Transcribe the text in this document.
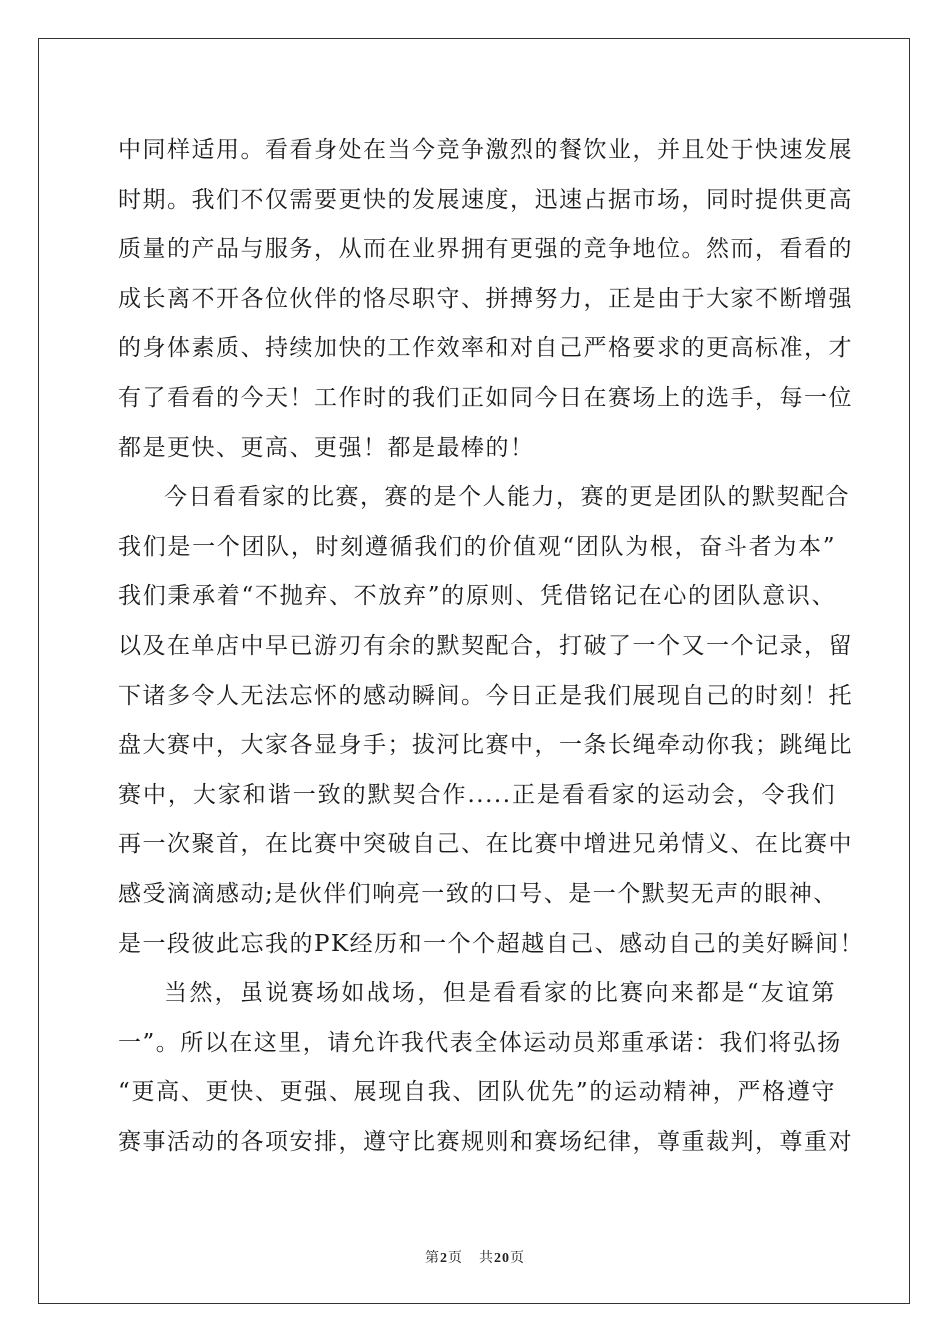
中同样适用。看看身处在当今竞争激烈的餐饮业，并且处于快速发展
时期。我们不仅需要更快的发展速度，迅速占据市场，同时提供更高
质量的产品与服务，从而在业界拥有更强的竞争地位。然而，看看的
成长离不开各位伙伴的恪尽职守、拼搏努力，正是由于大家不断增强
的身体素质、持续加快的工作效率和对自己严格要求的更高标准，才
有了看看的今天！工作时的我们正如同今日在赛场上的选手，每一位
都是更快、更高、更强！都是最棒的！
今日看看家的比赛，赛的是个人能力，赛的更是团队的默契配合
我们是一个团队，时刻遵循我们的价值观“团队为根，奋斗者为本”
我们秉承着“不抛弃、不放弃”的原则、凭借铭记在心的团队意识、
以及在单店中早已游刃有余的默契配合，打破了一个又一个记录，留
下诸多令人无法忘怀的感动瞬间。今日正是我们展现自己的时刻！托
盘大赛中，大家各显身手；拔河比赛中，一条长绳牵动你我；跳绳比
赛中，大家和谐一致的默契合作.....正是看看家的运动会，令我们
再一次聚首，在比赛中突破自己、在比赛中增进兄弟情义、在比赛中
感受滴滴感动;是伙伴们响亮一致的口号、是一个默契无声的眼神、
是一段彼此忘我的PK经历和一个个超越自己、感动自己的美好瞬间！
当然，虽说赛场如战场，但是看看家的比赛向来都是“友谊第
一”。所以在这里，请允许我代表全体运动员郑重承诺：我们将弘扬
“更高、更快、更强、展现自我、团队优先”的运动精神，严格遵守
赛事活动的各项安排，遵守比赛规则和赛场纪律，尊重裁判，尊重对
第2页 共20页
